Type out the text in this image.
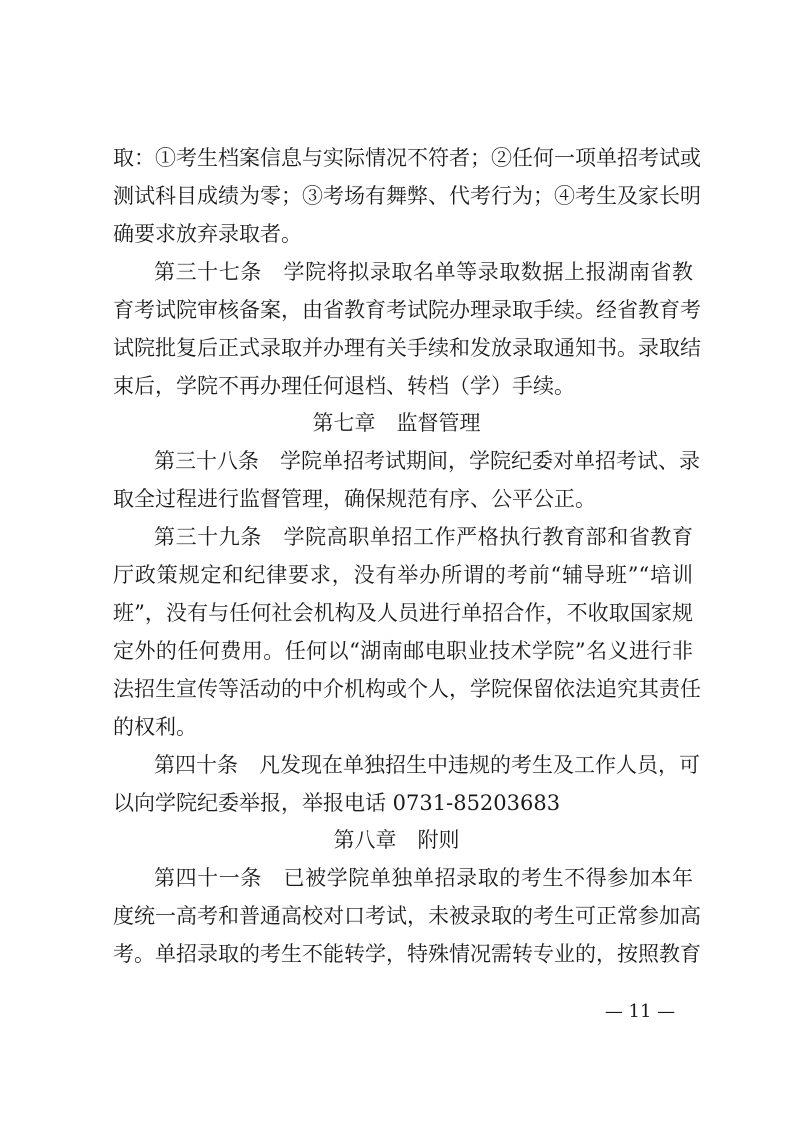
取：①考生档案信息与实际情况不符者；②任何一项单招考试或
测试科目成绩为零；③考场有舞弊、代考行为；④考生及家长明
确要求放弃录取者。
第三十七条　学院将拟录取名单等录取数据上报湖南省教
育考试院审核备案，由省教育考试院办理录取手续。经省教育考
试院批复后正式录取并办理有关手续和发放录取通知书。录取结
束后，学院不再办理任何退档、转档（学）手续。
第七章　监督管理
第三十八条　学院单招考试期间，学院纪委对单招考试、录
取全过程进行监督管理，确保规范有序、公平公正。
第三十九条　学院高职单招工作严格执行教育部和省教育
厅政策规定和纪律要求，没有举办所谓的考前“辅导班”“培训
班”，没有与任何社会机构及人员进行单招合作，不收取国家规
定外的任何费用。任何以“湖南邮电职业技术学院”名义进行非
法招生宣传等活动的中介机构或个人，学院保留依法追究其责任
的权利。
第四十条　凡发现在单独招生中违规的考生及工作人员，可
以向学院纪委举报，举报电话 0731-85203683
第八章　附则
第四十一条　已被学院单独单招录取的考生不得参加本年
度统一高考和普通高校对口考试，未被录取的考生可正常参加高
考。单招录取的考生不能转学，特殊情况需转专业的，按照教育
— 11 —
